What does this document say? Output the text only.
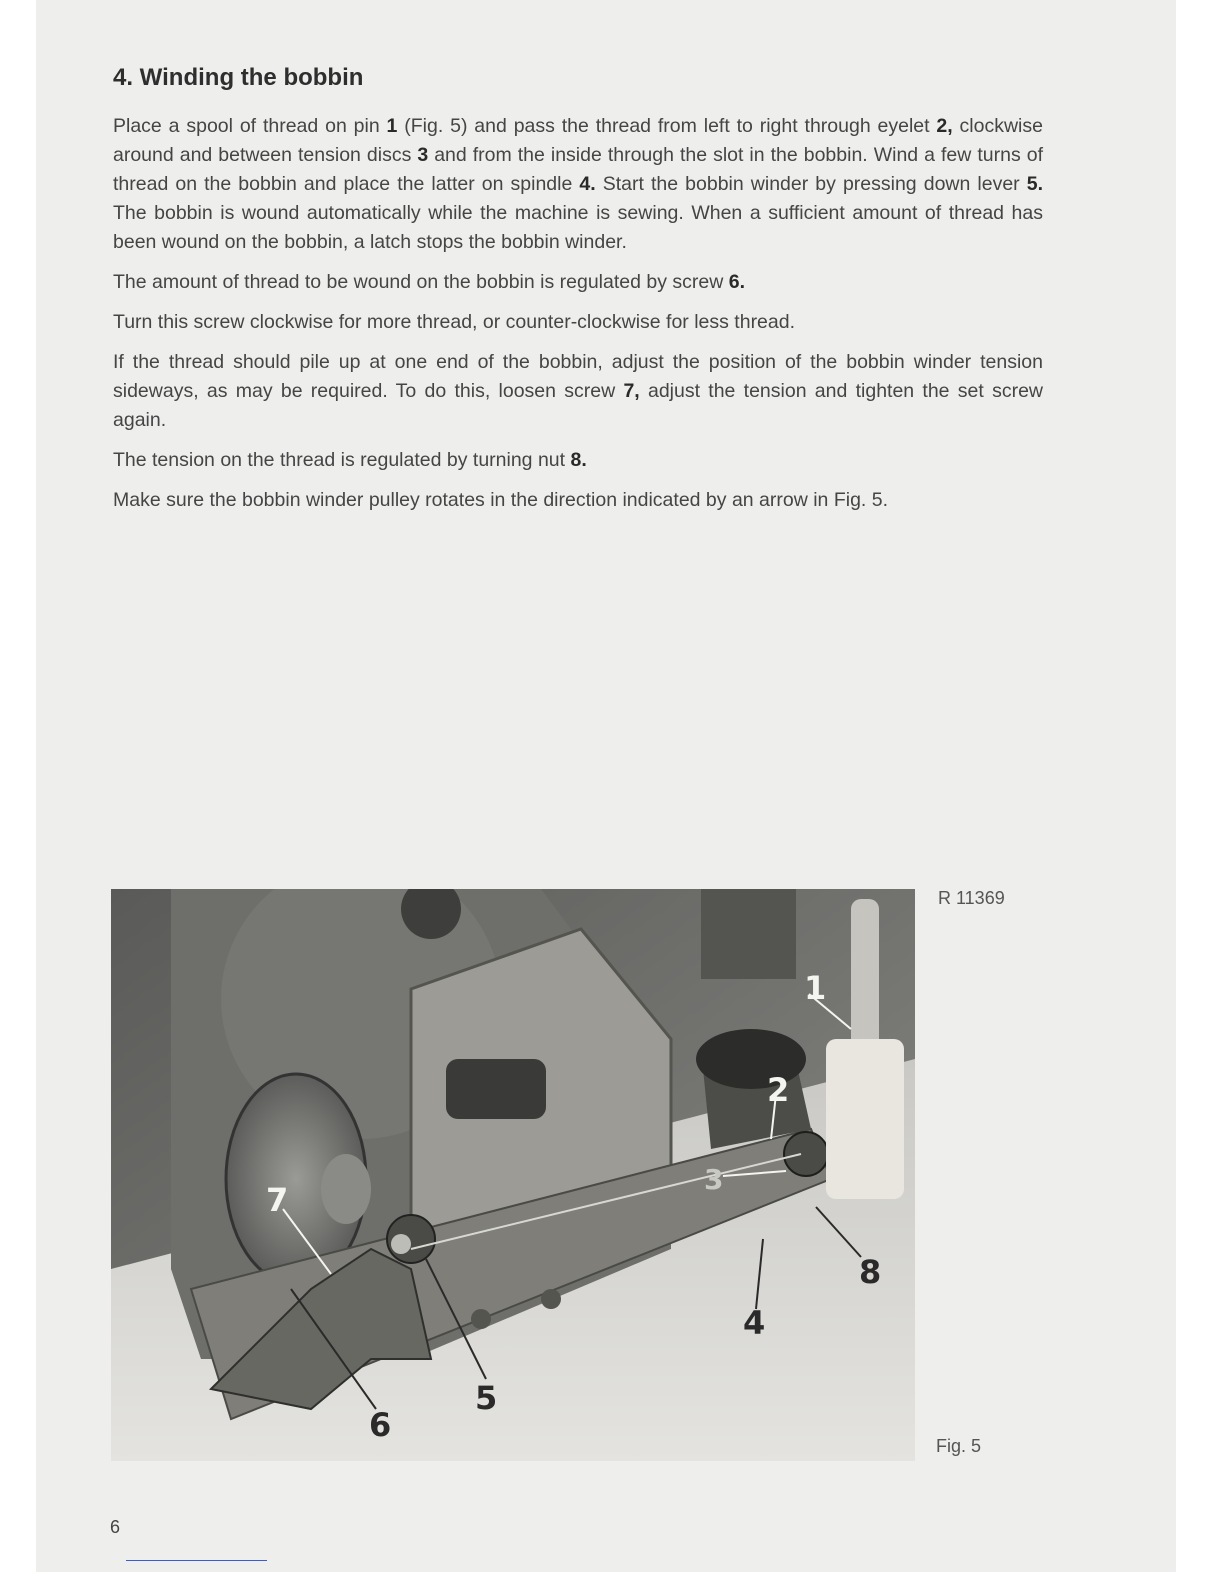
4. Winding the bobbin

Place a spool of thread on pin 1 (Fig. 5) and pass the thread from left to right through eyelet 2, clockwise around and between tension discs 3 and from the inside through the slot in the bobbin. Wind a few turns of thread on the bobbin and place the latter on spindle 4. Start the bobbin winder by pressing down lever 5. The bobbin is wound automatically while the machine is sewing. When a sufficient amount of thread has been wound on the bobbin, a latch stops the bobbin winder.

The amount of thread to be wound on the bobbin is regulated by screw 6.

Turn this screw clockwise for more thread, or counter-clockwise for less thread.

If the thread should pile up at one end of the bobbin, adjust the position of the bobbin winder tension sideways, as may be required. To do this, loosen screw 7, adjust the tension and tighten the set screw again.

The tension on the thread is regulated by turning nut 8.

Make sure the bobbin winder pulley rotates in the direction indicated by an arrow in Fig. 5.

1
2
3
4
5
6
7
8
R 11369
Fig. 5
6
